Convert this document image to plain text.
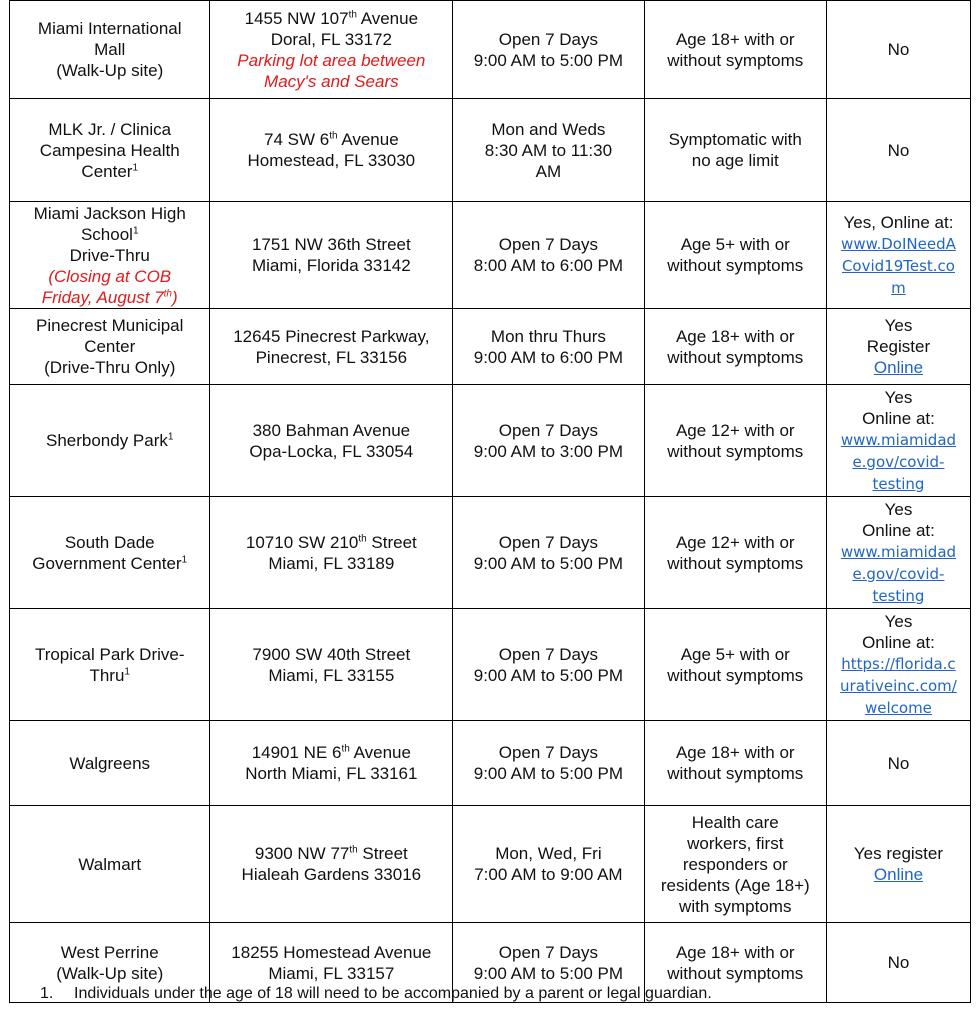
Miami International
Mall
(Walk-Up site)	1455 NW 107th Avenue
Doral, FL 33172
Parking lot area between
Macy's and Sears	Open 7 Days
9:00 AM to 5:00 PM	Age 18+ with or
without symptoms	No

MLK Jr. / Clinica
Campesina Health
Center$^1$	74 SW 6th Avenue
Homestead, FL 33030	Mon and Weds
8:30 AM to 11:30
AM	Symptomatic with
no age limit	No

Miami Jackson High
School$^1$
Drive-Thru
(Closing at COB
Friday, August 7th)	1751 NW 36th Street
Miami, Florida 33142	Open 7 Days
8:00 AM to 6:00 PM	Age 5+ with or
without symptoms	Yes, Online at:
www.DoINeedA
Covid19Test.co
m

Pinecrest Municipal
Center
(Drive-Thru Only)	12645 Pinecrest Parkway,
Pinecrest, FL 33156	Mon thru Thurs
9:00 AM to 6:00 PM	Age 18+ with or
without symptoms	Yes
Register
Online

Sherbondy Park$^1$	380 Bahman Avenue
Opa-Locka, FL 33054	Open 7 Days
9:00 AM to 3:00 PM	Age 12+ with or
without symptoms	Yes
Online at:
www.miamidad
e.gov/covid-
testing

South Dade
Government Center$^1$	10710 SW 210th Street
Miami, FL 33189	Open 7 Days
9:00 AM to 5:00 PM	Age 12+ with or
without symptoms	Yes
Online at:
www.miamidad
e.gov/covid-
testing

Tropical Park Drive-
Thru$^1$	7900 SW 40th Street
Miami, FL 33155	Open 7 Days
9:00 AM to 5:00 PM	Age 5+ with or
without symptoms	Yes
Online at:
https://florida.c
urativeinc.com/
welcome

Walgreens	14901 NE 6th Avenue
North Miami, FL 33161	Open 7 Days
9:00 AM to 5:00 PM	Age 18+ with or
without symptoms	No

Walmart	9300 NW 77th Street
Hialeah Gardens 33016	Mon, Wed, Fri
7:00 AM to 9:00 AM	Health care
workers, first
responders or
residents (Age 18+)
with symptoms	Yes register
Online

West Perrine
(Walk-Up site)	18255 Homestead Avenue
Miami, FL 33157	Open 7 Days
9:00 AM to 5:00 PM	Age 18+ with or
without symptoms	No
1. Individuals under the age of 18 will need to be accompanied by a parent or legal guardian.
